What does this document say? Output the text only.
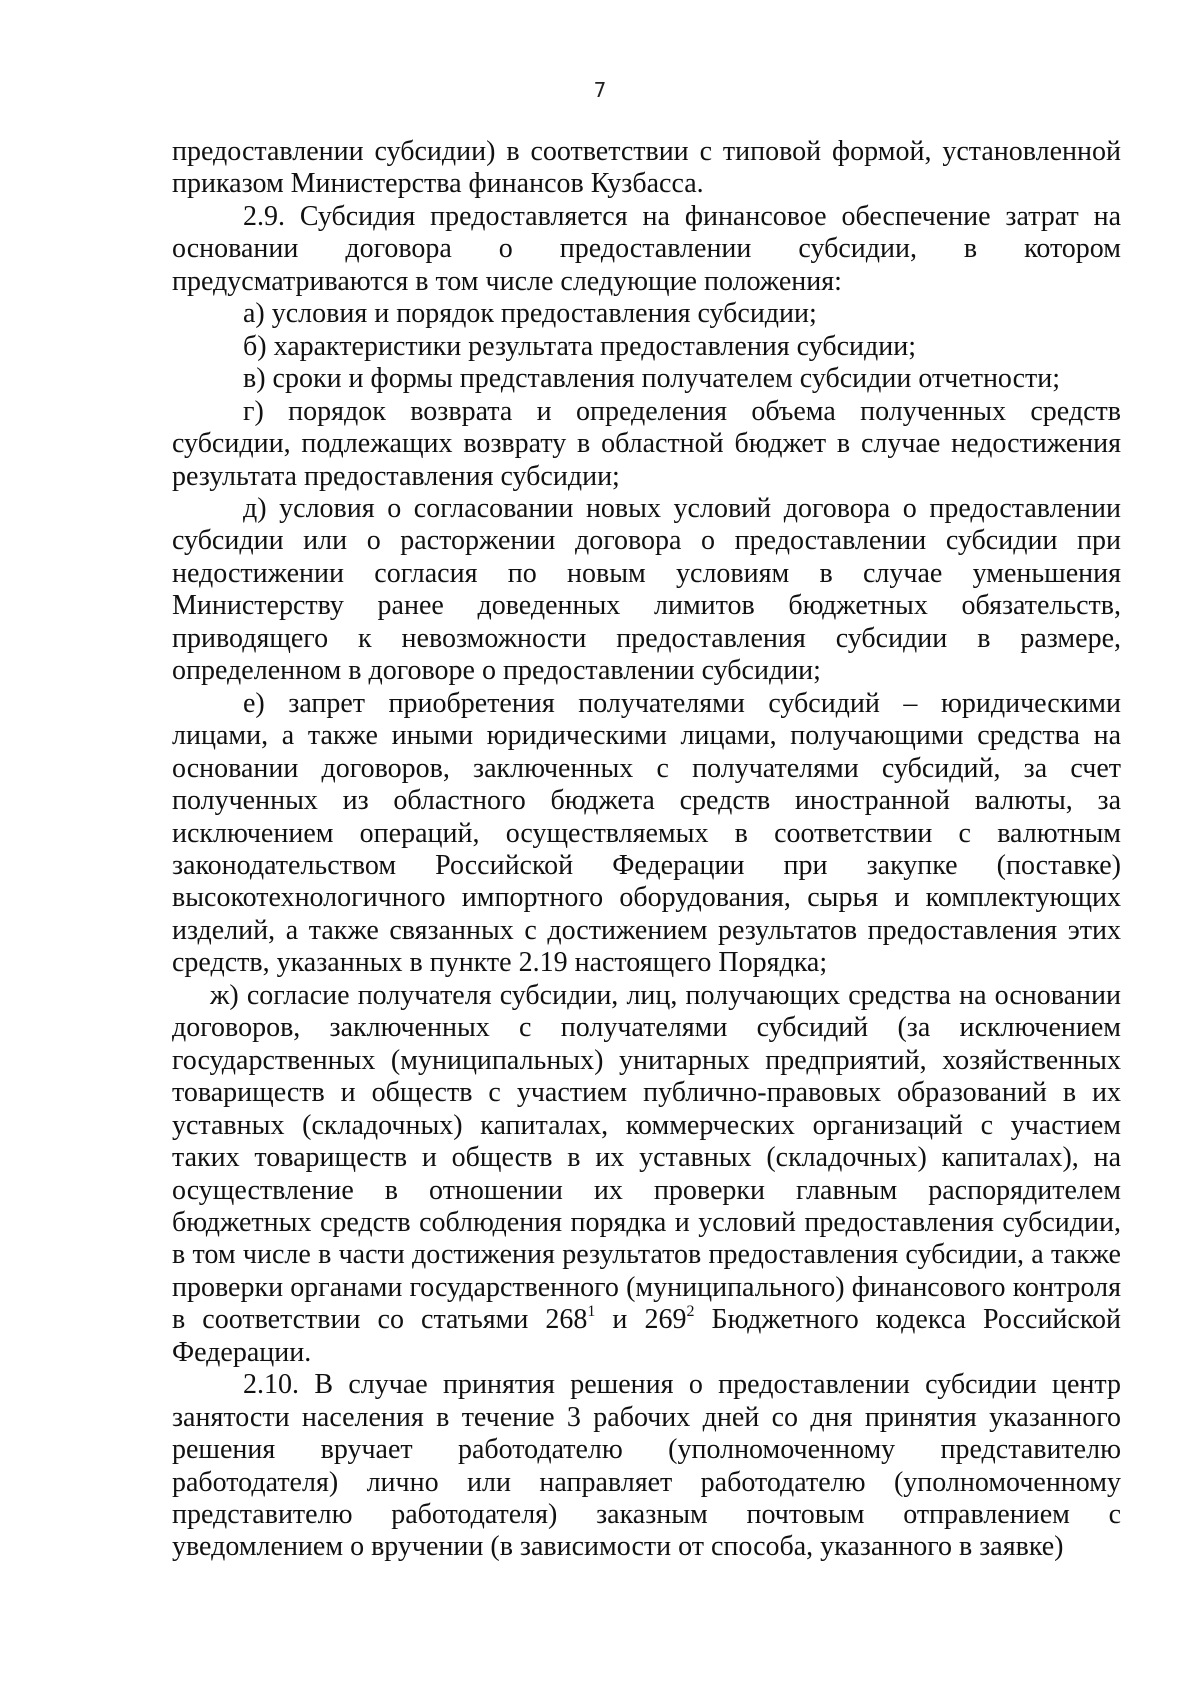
7

предоставлении субсидии) в соответствии с типовой формой, установленной приказом Министерства финансов Кузбасса.

2.9. Субсидия предоставляется на финансовое обеспечение затрат на основании договора о предоставлении субсидии, в котором предусматриваются в том числе следующие положения:

а) условия и порядок предоставления субсидии;

б) характеристики результата предоставления субсидии;

в) сроки и формы представления получателем субсидии отчетности;

г) порядок возврата и определения объема полученных средств субсидии, подлежащих возврату в областной бюджет в случае недостижения результата предоставления субсидии;

д) условия о согласовании новых условий договора о предоставлении субсидии или о расторжении договора о предоставлении субсидии при недостижении согласия по новым условиям в случае уменьшения Министерству ранее доведенных лимитов бюджетных обязательств, приводящего к невозможности предоставления субсидии в размере, определенном в договоре о предоставлении субсидии;

е) запрет приобретения получателями субсидий – юридическими лицами, а также иными юридическими лицами, получающими средства на основании договоров, заключенных с получателями субсидий, за счет полученных из областного бюджета средств иностранной валюты, за исключением операций, осуществляемых в соответствии с валютным законодательством Российской Федерации при закупке (поставке) высокотехнологичного импортного оборудования, сырья и комплектующих изделий, а также связанных с достижением результатов предоставления этих средств, указанных в пункте 2.19 настоящего Порядка;

ж) согласие получателя субсидии, лиц, получающих средства на основании договоров, заключенных с получателями субсидий (за исключением государственных (муниципальных) унитарных предприятий, хозяйственных товариществ и обществ с участием публично-правовых образований в их уставных (складочных) капиталах, коммерческих организаций с участием таких товариществ и обществ в их уставных (складочных) капиталах), на осуществление в отношении их проверки главным распорядителем бюджетных средств соблюдения порядка и условий предоставления субсидии, в том числе в части достижения результатов предоставления субсидии, а также проверки органами государственного (муниципального) финансового контроля в соответствии со статьями $268^1$ и $269^2$ Бюджетного кодекса Российской Федерации.

2.10. В случае принятия решения о предоставлении субсидии центр занятости населения в течение 3 рабочих дней со дня принятия указанного решения вручает работодателю (уполномоченному представителю работодателя) лично или направляет работодателю (уполномоченному представителю работодателя) заказным почтовым отправлением с уведомлением о вручении (в зависимости от способа, указанного в заявке)
